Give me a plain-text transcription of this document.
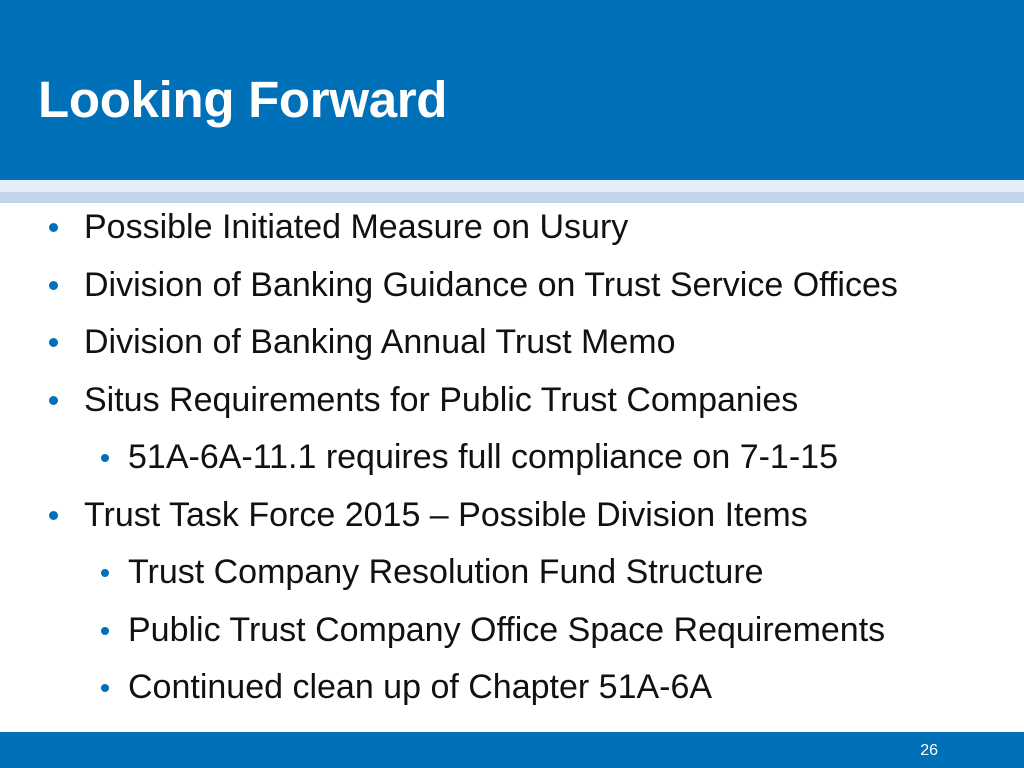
Looking Forward
Possible Initiated Measure on Usury
Division of Banking Guidance on Trust Service Offices
Division of Banking Annual Trust Memo
Situs Requirements for Public Trust Companies
51A-6A-11.1 requires full compliance on 7-1-15
Trust Task Force 2015 – Possible Division Items
Trust Company Resolution Fund Structure
Public Trust Company Office Space Requirements
Continued clean up of Chapter 51A-6A
26
